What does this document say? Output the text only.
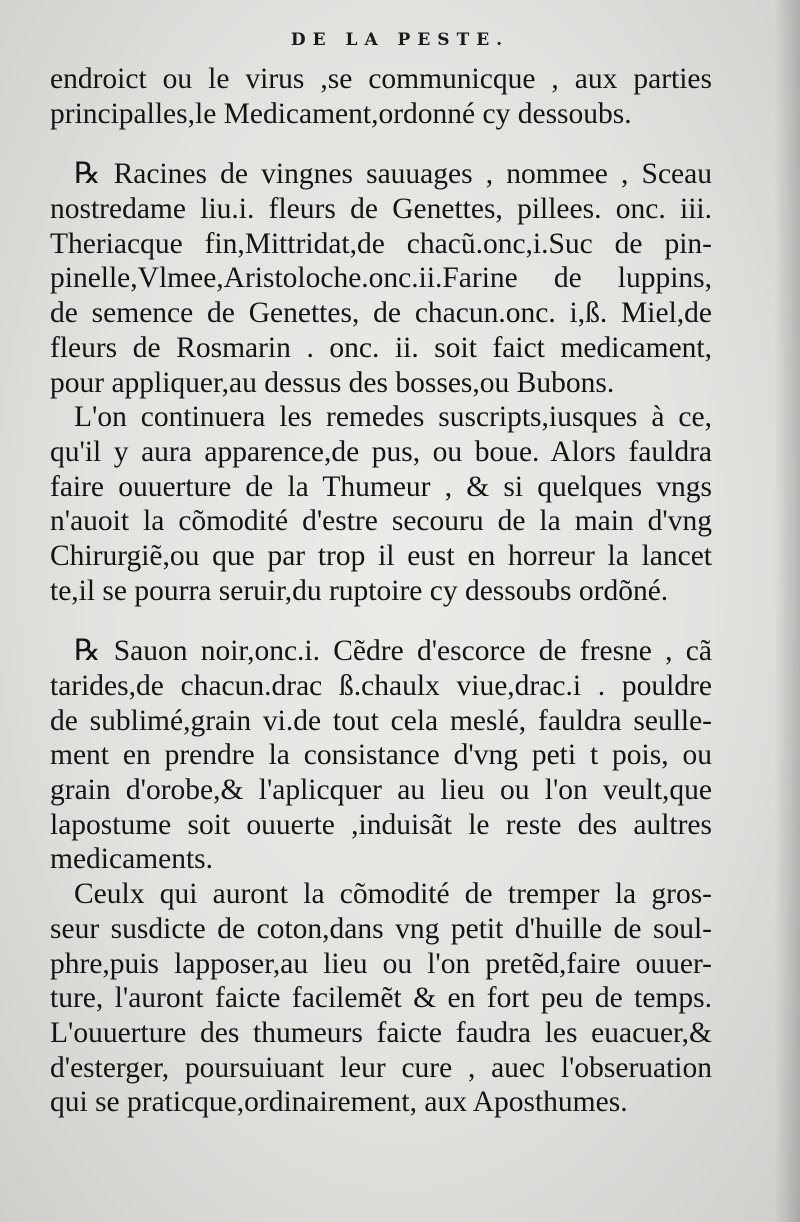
DE LA PESTE.
endroict ou le virus ,se communicque , aux parties
principalles,le Medicament,ordonné cy dessoubs.
℞ Racines de vingnes sauuages , nommee , Sceau
nostredame liu.i. fleurs de Genettes, pillees. onc. iii.
Theriacque fin,Mittridat,de chacũ.onc,i.Suc de pin-
pinelle,Vlmee,Aristoloche.onc.ii.Farine de luppins,
de semence de Genettes, de chacun.onc. i,ß. Miel,de
fleurs de Rosmarin . onc. ii. soit faict medicament,
pour appliquer,au dessus des bosses,ou Bubons.
L'on continuera les remedes suscripts,iusques à ce,
qu'il y aura apparence,de pus, ou boue. Alors fauldra
faire ouuerture de la Thumeur , & si quelques vngs
n'auoit la cõmodité d'estre secouru de la main d'vng
Chirurgiẽ,ou que par trop il eust en horreur la lancet
te,il se pourra seruir,du ruptoire cy dessoubs ordõné.
℞ Sauon noir,onc.i. Cẽdre d'escorce de fresne , cã
tarides,de chacun.drac ß.chaulx viue,drac.i . pouldre
de sublimé,grain vi.de tout cela meslé, fauldra seulle-
ment en prendre la consistance d'vng peti t pois, ou
grain d'orobe,& l'aplicquer au lieu ou l'on veult,que
lapostume soit ouuerte ,induisãt le reste des aultres
medicaments.
Ceulx qui auront la cõmodité de tremper la gros-
seur susdicte de coton,dans vng petit d'huille de soul-
phre,puis lapposer,au lieu ou l'on pretẽd,faire ouuer-
ture, l'auront faicte facilemẽt & en fort peu de temps.
L'ouuerture des thumeurs faicte faudra les euacuer,&
d'esterger, poursuiuant leur cure , auec l'obseruation
qui se praticque,ordinairement, aux Aposthumes.
